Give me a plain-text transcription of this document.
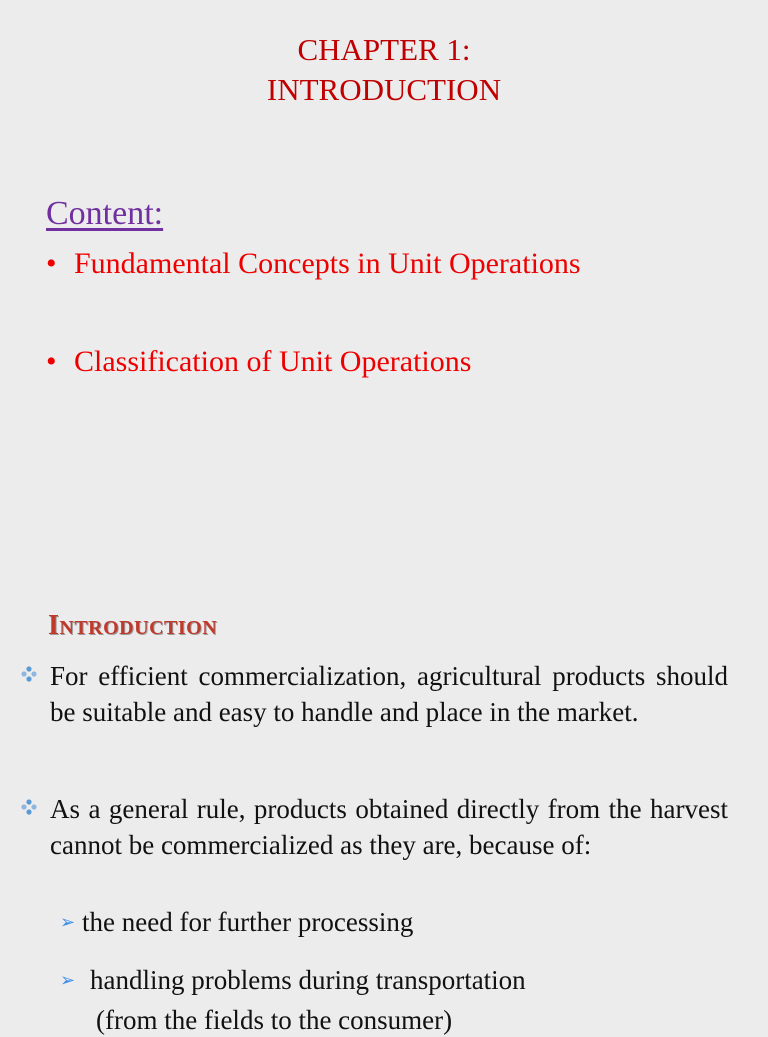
CHAPTER 1:
INTRODUCTION
Content:
• Fundamental Concepts in Unit Operations
• Classification of Unit Operations
Introduction
For efficient commercialization, agricultural products should be suitable and easy to handle and place in the market.
As a general rule, products obtained directly from the harvest cannot be commercialized as they are, because of:
➢ the need for further processing
➢ handling problems during transportation
(from the fields to the consumer)
